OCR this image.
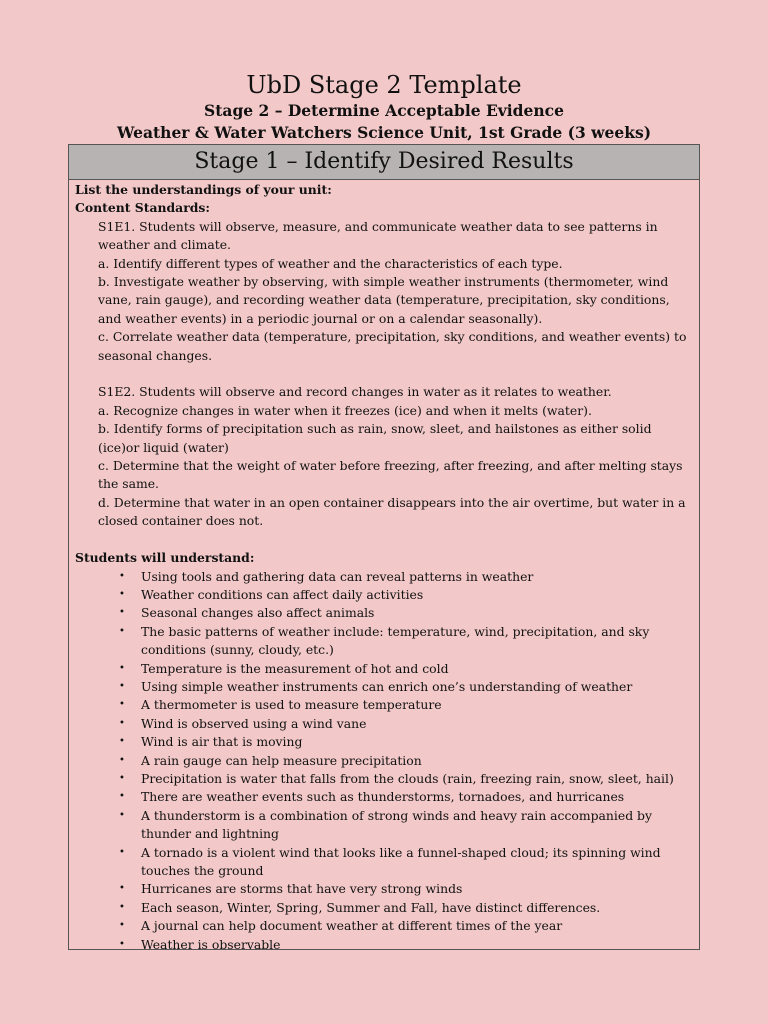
UbD Stage 2 Template

Stage 2 – Determine Acceptable Evidence

Weather & Water Watchers Science Unit, 1st Grade (3 weeks)

Stage 1 – Identify Desired Results
List the understandings of your unit:
Content Standards:
S1E1. Students will observe, measure, and communicate weather data to see patterns in weather and climate.
a. Identify different types of weather and the characteristics of each type.
b. Investigate weather by observing, with simple weather instruments (thermometer, wind vane, rain gauge), and recording weather data (temperature, precipitation, sky conditions, and weather events) in a periodic journal or on a calendar seasonally).
c. Correlate weather data (temperature, precipitation, sky conditions, and weather events) to seasonal changes.
S1E2. Students will observe and record changes in water as it relates to weather.
a. Recognize changes in water when it freezes (ice) and when it melts (water).
b. Identify forms of precipitation such as rain, snow, sleet, and hailstones as either solid (ice)or liquid (water)
c. Determine that the weight of water before freezing, after freezing, and after melting stays the same.
d. Determine that water in an open container disappears into the air overtime, but water in a closed container does not.
Students will understand:
• Using tools and gathering data can reveal patterns in weather
• Weather conditions can affect daily activities
• Seasonal changes also affect animals
• The basic patterns of weather include: temperature, wind, precipitation, and sky conditions (sunny, cloudy, etc.)
• Temperature is the measurement of hot and cold
• Using simple weather instruments can enrich one’s understanding of weather
• A thermometer is used to measure temperature
• Wind is observed using a wind vane
• Wind is air that is moving
• A rain gauge can help measure precipitation
• Precipitation is water that falls from the clouds (rain, freezing rain, snow, sleet, hail)
• There are weather events such as thunderstorms, tornadoes, and hurricanes
• A thunderstorm is a combination of strong winds and heavy rain accompanied by thunder and lightning
• A tornado is a violent wind that looks like a funnel-shaped cloud; its spinning wind touches the ground
• Hurricanes are storms that have very strong winds
• Each season, Winter, Spring, Summer and Fall, have distinct differences.
• A journal can help document weather at different times of the year
• Weather is observable
